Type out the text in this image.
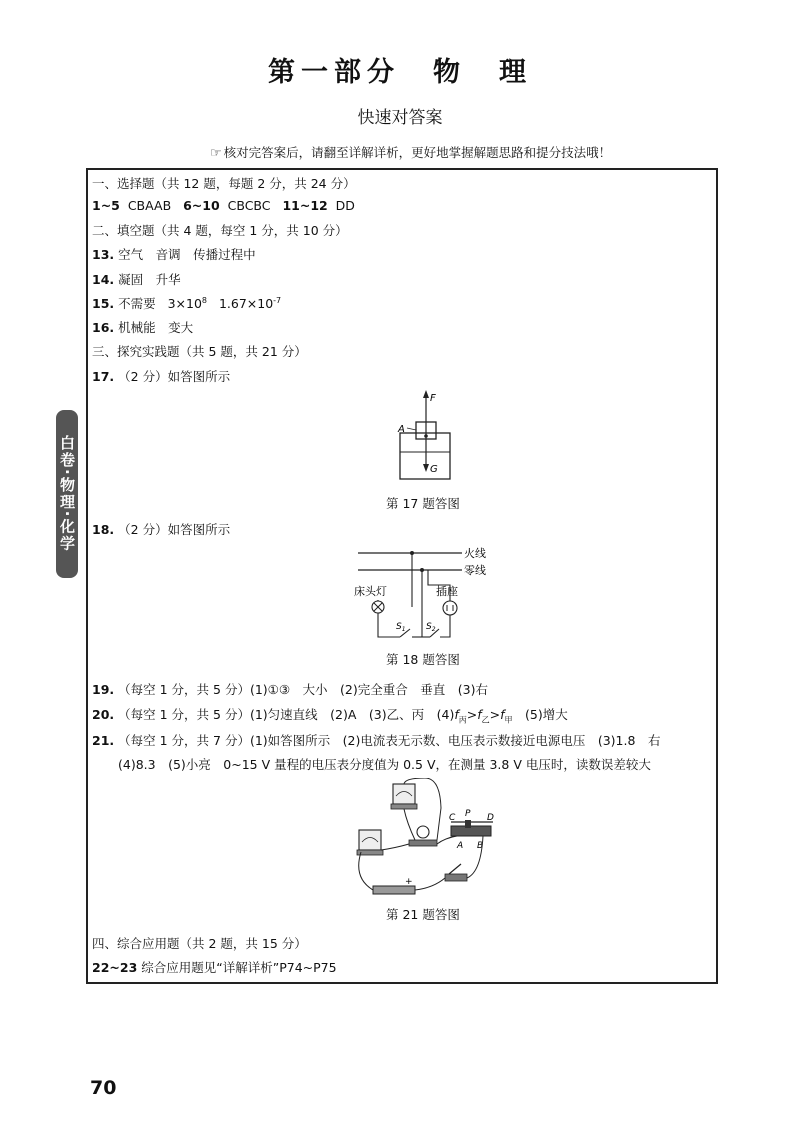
第一部分　物　理
快速对答案
☞ 核对完答案后，请翻至详解详析，更好地掌握解题思路和提分技法哦！
白卷·物理·化学
一、选择题（共 12 题，每题 2 分，共 24 分）
1~5 CBAAB 6~10 CBCBC 11~12 DD
二、填空题（共 4 题，每空 1 分，共 10 分）
13. 空气　音调　传播过程中
14. 凝固　升华
15. 不需要 $3\times 10^8$ $1.67\times 10^{-7}$
16. 机械能　变大
三、探究实践题（共 5 题，共 21 分）
17. （2 分）如答图所示
F
A
G
第 17 题答图
18. （2 分）如答图所示
火线
零线
床头灯	插座
$S_1$ $S_2$
第 18 题答图
19. （每空 1 分，共 5 分）(1)①③　大小　(2)完全重合　垂直　(3)右
20. （每空 1 分，共 5 分）(1)匀速直线　(2)A　(3)乙、丙　$(4)f_丙>f_乙>f_甲$　(5)增大
21. （每空 1 分，共 7 分）(1)如答图所示　(2)电流表无示数、电压表示数接近电源电压　(3)1.8　右
(4)8.3　(5)小亮　0~15 V 量程的电压表分度值为 0.5 V，在测量 3.8 V 电压时，读数误差较大
C P D
A B
+
第 21 题答图
四、综合应用题（共 2 题，共 15 分）
22~23 综合应用题见“详解详析”P74~P75
70
